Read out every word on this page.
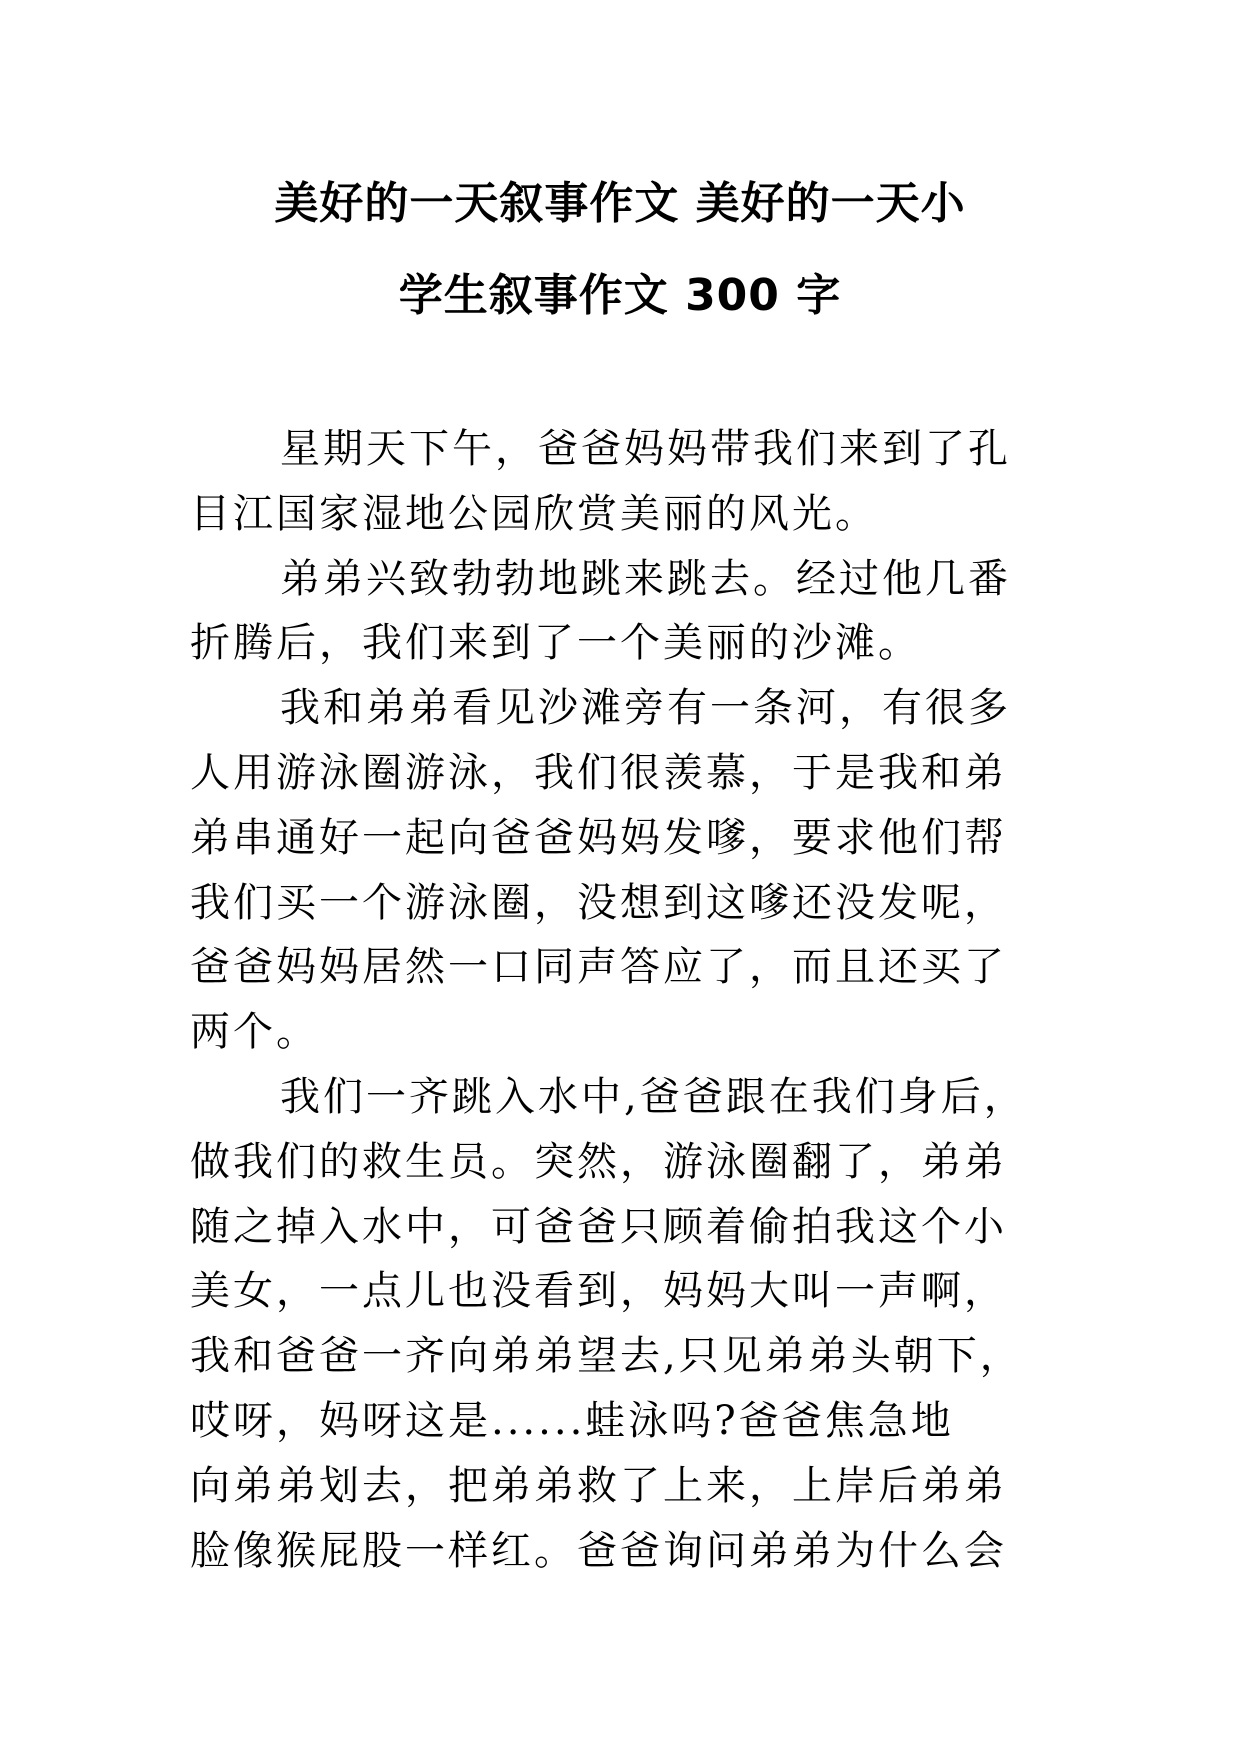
美好的一天叙事作文 美好的一天小
学生叙事作文 300 字
星期天下午，爸爸妈妈带我们来到了孔
目江国家湿地公园欣赏美丽的风光。
弟弟兴致勃勃地跳来跳去。经过他几番
折腾后，我们来到了一个美丽的沙滩。
我和弟弟看见沙滩旁有一条河，有很多
人用游泳圈游泳，我们很羡慕，于是我和弟
弟串通好一起向爸爸妈妈发嗲，要求他们帮
我们买一个游泳圈，没想到这嗲还没发呢，
爸爸妈妈居然一口同声答应了，而且还买了
两个。
我们一齐跳入水中,爸爸跟在我们身后，
做我们的救生员。突然，游泳圈翻了，弟弟
随之掉入水中，可爸爸只顾着偷拍我这个小
美女，一点儿也没看到，妈妈大叫一声啊，
我和爸爸一齐向弟弟望去,只见弟弟头朝下，
哎呀，妈呀这是......蛙泳吗?爸爸焦急地
向弟弟划去，把弟弟救了上来，上岸后弟弟
脸像猴屁股一样红。爸爸询问弟弟为什么会
